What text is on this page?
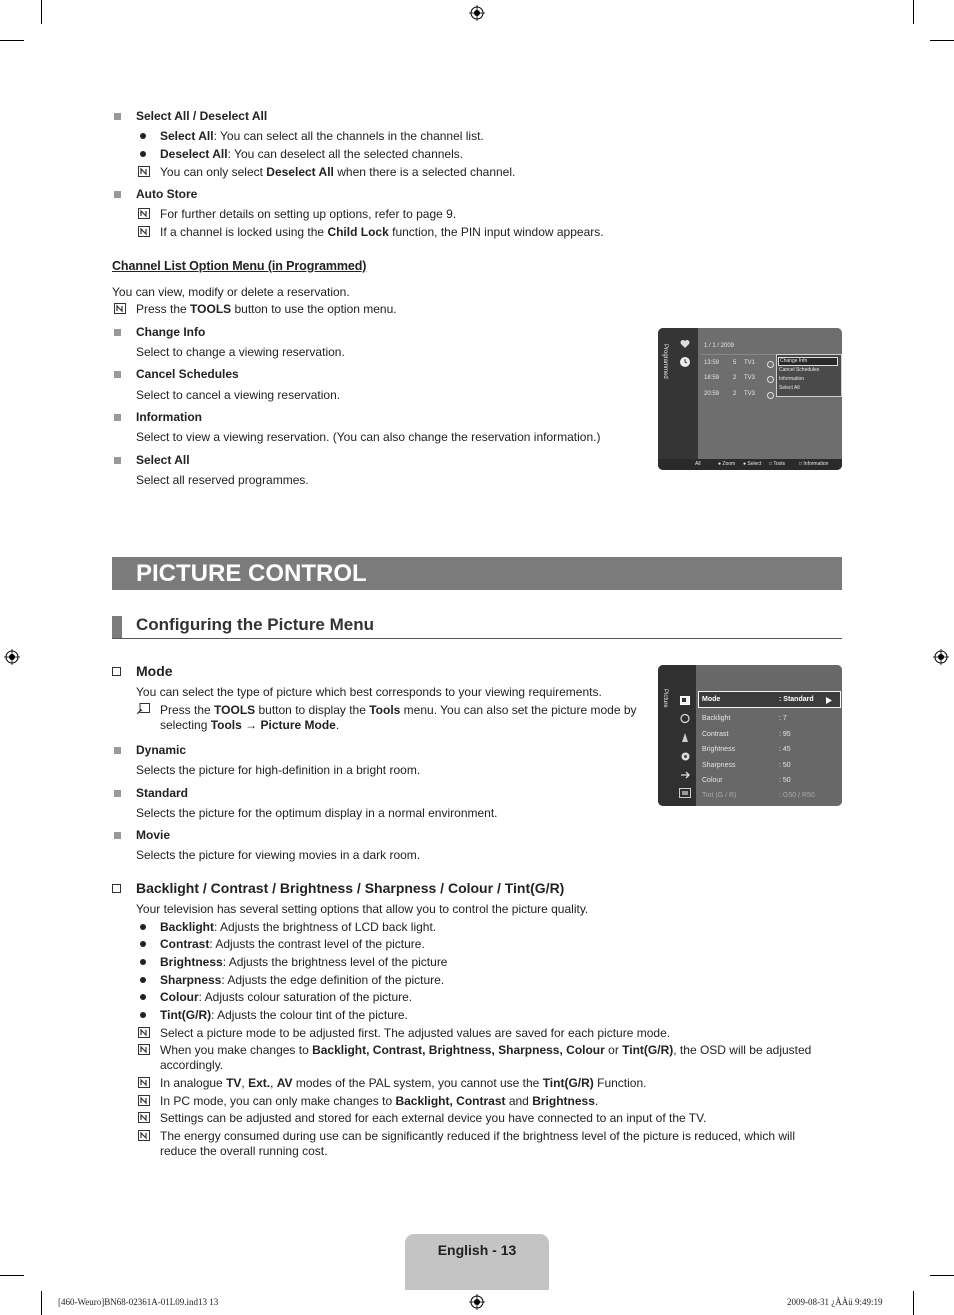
Select All / Deselect All
Select All: You can select all the channels in the channel list.
Deselect All: You can deselect all the selected channels.
You can only select Deselect All when there is a selected channel.
Auto Store
For further details on setting up options, refer to page 9.
If a channel is locked using the Child Lock function, the PIN input window appears.
Channel List Option Menu (in Programmed)
You can view, modify or delete a reservation.
Press the TOOLS button to use the option menu.
Change Info
Select to change a viewing reservation.
Cancel Schedules
Select to cancel a viewing reservation.
Information
Select to view a viewing reservation. (You can also change the reservation information.)
Select All
Select all reserved programmes.
Programmed	1 / 1 / 2009
13:59 5 TV1
18:59 2 TV3
20:59 2 TV3
Change Info
Cancel Schedules
Information
Select All
All	● Zoom ● Select □ Tools	□ Information
PICTURE CONTROL
Configuring the Picture Menu
Mode
You can select the type of picture which best corresponds to your viewing requirements.
Press the TOOLS button to display the Tools menu. You can also set the picture mode by
selecting Tools → Picture Mode.
Dynamic
Selects the picture for high-definition in a bright room.
Standard
Selects the picture for the optimum display in a normal environment.
Movie
Selects the picture for viewing movies in a dark room.
Picture	Mode	: Standard
Backlight	: 7
Contrast	: 95
Brightness	: 45
Sharpness	: 50
Colour	: 50
Tint (G / R)	: G50 / R50
Backlight / Contrast / Brightness / Sharpness / Colour / Tint(G/R)
Your television has several setting options that allow you to control the picture quality.
Backlight: Adjusts the brightness of LCD back light.
Contrast: Adjusts the contrast level of the picture.
Brightness: Adjusts the brightness level of the picture
Sharpness: Adjusts the edge definition of the picture.
Colour: Adjusts colour saturation of the picture.
Tint(G/R): Adjusts the colour tint of the picture.
Select a picture mode to be adjusted first. The adjusted values are saved for each picture mode.
When you make changes to Backlight, Contrast, Brightness, Sharpness, Colour or Tint(G/R), the OSD will be adjusted
accordingly.
In analogue TV, Ext., AV modes of the PAL system, you cannot use the Tint(G/R) Function.
In PC mode, you can only make changes to Backlight, Contrast and Brightness.
Settings can be adjusted and stored for each external device you have connected to an input of the TV.
The energy consumed during use can be significantly reduced if the brightness level of the picture is reduced, which will
reduce the overall running cost.
English - 13
[460-Weuro]BN68-02361A-01L09.ind13 13	2009-08-31 ¿ÀÀü 9:49:19
